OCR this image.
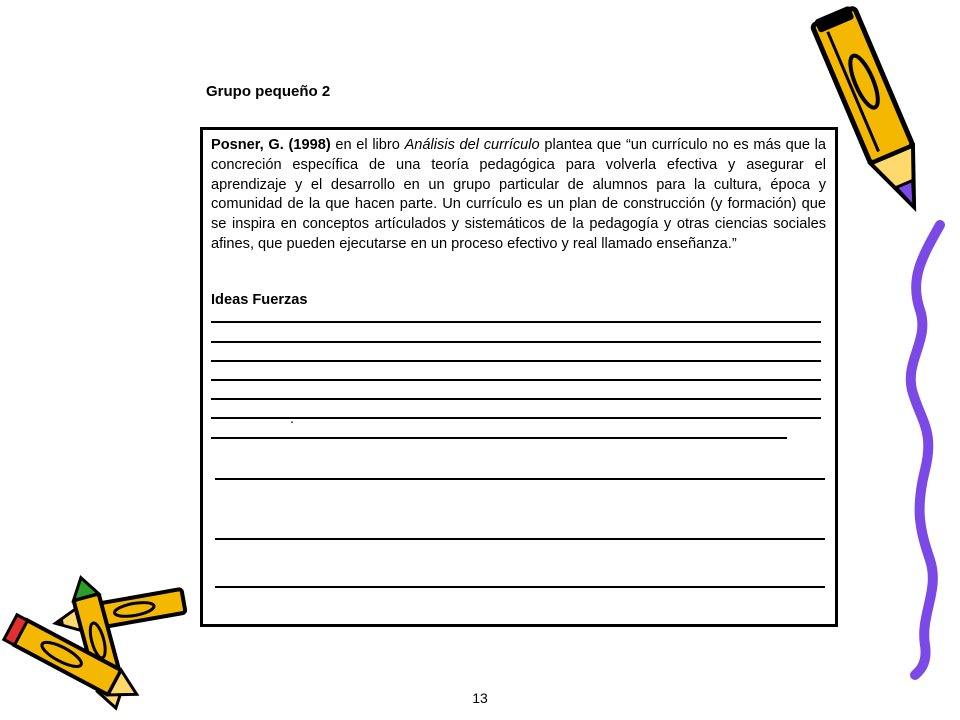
Grupo pequeño 2
Posner, G. (1998) en el libro Análisis del currículo plantea que “un currículo no es más que la concreción específica de una teoría pedagógica para volverla efectiva y asegurar el aprendizaje y el desarrollo en un grupo particular de alumnos para la cultura, época y comunidad de la que hacen parte. Un currículo es un plan de construcción (y formación) que se inspira en conceptos artículados y sistemáticos de la pedagogía y otras ciencias sociales afines, que pueden ejecutarse en un proceso efectivo y real llamado enseñanza.”
Ideas Fuerzas
.
13
